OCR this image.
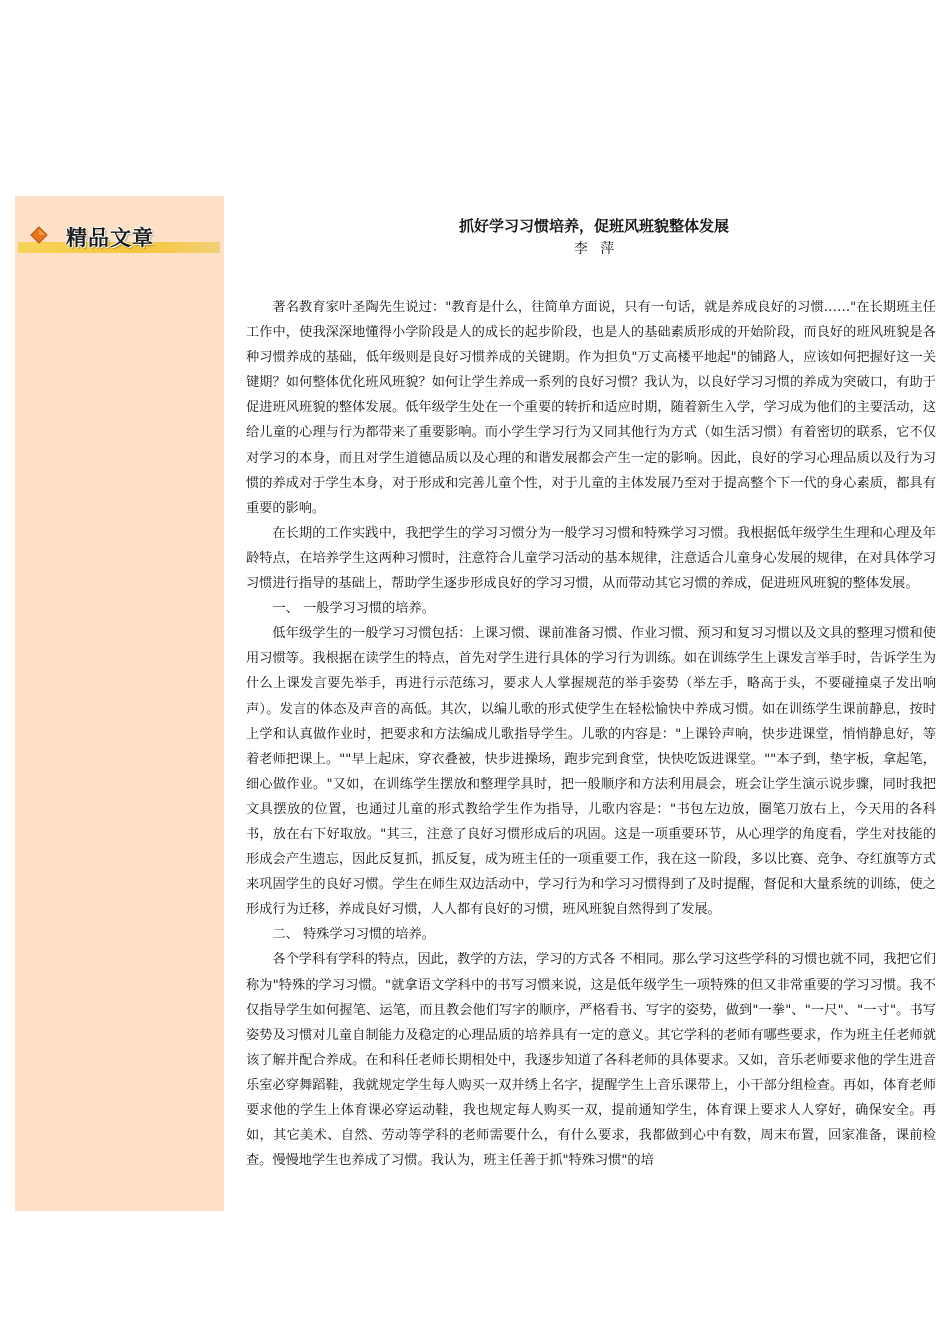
精品文章	抓好学习习惯培养，促班风班貌整体发展
李 萍

著名教育家叶圣陶先生说过："教育是什么，往简单方面说，只有一句话，就是养成良好的习惯……"在长期班主任工作中，使我深深地懂得小学阶段是人的成长的起步阶段，也是人的基础素质形成的开始阶段，而良好的班风班貌是各种习惯养成的基础，低年级则是良好习惯养成的关键期。作为担负"万丈高楼平地起"的铺路人，应该如何把握好这一关键期？如何整体优化班风班貌？如何让学生养成一系列的良好习惯？我认为，以良好学习习惯的养成为突破口，有助于促进班风班貌的整体发展。低年级学生处在一个重要的转折和适应时期，随着新生入学，学习成为他们的主要活动，这给儿童的心理与行为都带来了重要影响。而小学生学习行为又同其他行为方式（如生活习惯）有着密切的联系，它不仅对学习的本身，而且对学生道德品质以及心理的和谐发展都会产生一定的影响。因此，良好的学习心理品质以及行为习惯的养成对于学生本身，对于形成和完善儿童个性，对于儿童的主体发展乃至对于提高整个下一代的身心素质，都具有重要的影响。

在长期的工作实践中，我把学生的学习习惯分为一般学习习惯和特殊学习习惯。我根据低年级学生生理和心理及年龄特点，在培养学生这两种习惯时，注意符合儿童学习活动的基本规律，注意适合儿童身心发展的规律，在对具体学习习惯进行指导的基础上，帮助学生逐步形成良好的学习习惯，从而带动其它习惯的养成，促进班风班貌的整体发展。

一、 一般学习习惯的培养。

低年级学生的一般学习习惯包括：上课习惯、课前准备习惯、作业习惯、预习和复习习惯以及文具的整理习惯和使用习惯等。我根据在读学生的特点，首先对学生进行具体的学习行为训练。如在训练学生上课发言举手时，告诉学生为什么上课发言要先举手，再进行示范练习，要求人人掌握规范的举手姿势（举左手，略高于头，不要碰撞桌子发出响声）。发言的体态及声音的高低。其次，以编儿歌的形式使学生在轻松愉快中养成习惯。如在训练学生课前静息，按时上学和认真做作业时，把要求和方法编成儿歌指导学生。儿歌的内容是："上课铃声响，快步进课堂，悄悄静息好，等着老师把课上。""早上起床，穿衣叠被，快步进操场，跑步完到食堂，快快吃饭进课堂。""本子到，垫字板，拿起笔，细心做作业。"又如，在训练学生摆放和整理学具时，把一般顺序和方法利用晨会，班会让学生演示说步骤，同时我把文具摆放的位置，也通过儿童的形式教给学生作为指导，儿歌内容是："书包左边放，圈笔刀放右上，今天用的各科书，放在右下好取放。"其三，注意了良好习惯形成后的巩固。这是一项重要环节，从心理学的角度看，学生对技能的形成会产生遗忘，因此反复抓，抓反复，成为班主任的一项重要工作，我在这一阶段，多以比赛、竞争、夺红旗等方式来巩固学生的良好习惯。学生在师生双边活动中，学习行为和学习习惯得到了及时提醒，督促和大量系统的训练，使之形成行为迁移，养成良好习惯，人人都有良好的习惯，班风班貌自然得到了发展。

二、 特殊学习习惯的培养。

各个学科有学科的特点，因此，教学的方法，学习的方式各 不相同。那么学习这些学科的习惯也就不同，我把它们称为"特殊的学习习惯。"就拿语文学科中的书写习惯来说，这是低年级学生一项特殊的但又非常重要的学习习惯。我不仅指导学生如何握笔、运笔，而且教会他们写字的顺序，严格看书、写字的姿势，做到"一拳"、"一尺"、"一寸"。书写姿势及习惯对儿童自制能力及稳定的心理品质的培养具有一定的意义。其它学科的老师有哪些要求，作为班主任老师就该了解并配合养成。在和科任老师长期相处中，我逐步知道了各科老师的具体要求。又如，音乐老师要求他的学生进音乐室必穿舞蹈鞋，我就规定学生每人购买一双并绣上名字，提醒学生上音乐课带上，小干部分组检查。再如，体育老师要求他的学生上体育课必穿运动鞋，我也规定每人购买一双，提前通知学生，体育课上要求人人穿好，确保安全。再如，其它美术、自然、劳动等学科的老师需要什么，有什么要求，我都做到心中有数，周末布置，回家准备，课前检查。慢慢地学生也养成了习惯。我认为，班主任善于抓"特殊习惯"的培
